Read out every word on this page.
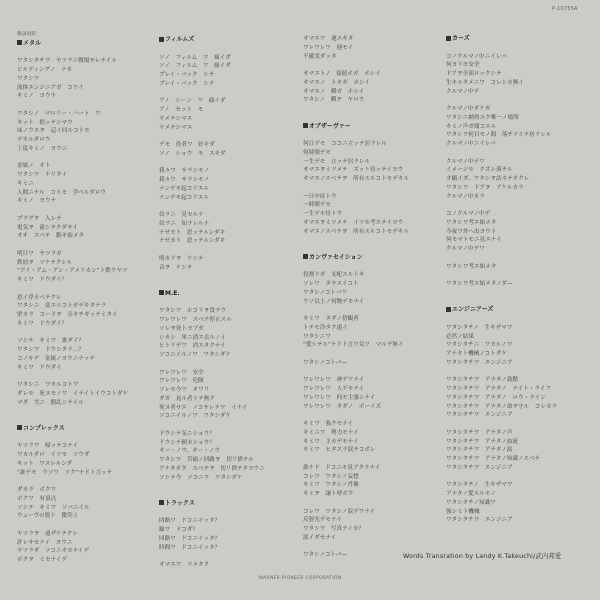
P-10755A
歌詞対訳
メタル
ワタシタチワ　ヤツラニ戦場サレテイル
ビルディングノ　ナカ
ワタシワ
流体エンジニアガ　コワイ
キミノ　ヨウナ
ワタシノ　マロリー・ハート　ワ
キット　損ッテシマウ
床ノウエヲ　這イ回ルコトモ
デキルダロウ
丁度キミノ　ヨウニ
金属ノ　オト
ワタシワ　ナリタイ
キミニ
人間ニナル　コトモ　学ベルダロウ
キミノ　ヨウナ
プラグヲ　入レテ
電気ヲ　流シテクダサイ
オオ　スベテ　動キ始メタ
明日ワ　ヤツラガ
鉄屑ヲ　ツケテクレル
“アイ・アム・アン・アメリカン”ト歌ウヤツ
キミワ　ドウダイ？
思イ浮カベテクレ
ワタシニ　変エルコトガデキタナラ
壁カラ　コードヲ　引キチギッテミタイ
キミワ　ドウダイ？
ソシテ　キミワ　誰ダイ？
ワタシワ　ドウシタラ…？
コノキデ　金属ノヨウニナッテ
キミワ　ドウダイ
ワタシニ　ワカルコトワ
ダレモ　死ヌモノワ　イナイトイウコトダケ
マダ　雪ニ　錯乱シテイル
コンプレックス
ヤツラワ　帰ッテコナイ
ワカルダロ　イツモ　ソウダ
キット　ワスレルンダ
“誰デモ　ウソワ　ツク”ナドト言ッテ
ダカラ　ボクワ
ボクワ　有頂点
ソシテ　キミワ　ソバニイル
ウェーヴの髪ト　微笑ミ
ヤツラヲ　遠ザケテクレ
許レサセナイ　ヨウニ
ヤツラダ　ソコニオカナイデ
ボクヲ　ミセナイデ
フィルムズ
ソノ　フィルム　ワ　痛イダ
ソノ　フィルム　ワ　痛イダ
プレイ・バック　シテ
プレイ・バック　シテ
アノ　シーン　ワ　痛イダ
アノ　セット　モ
ヤメテシマエ
ヤメテシマエ
デモ　役者ワ　好キダ
ソノ　ショウ　モ　スキダ
我々ワ　サラシモノ
我々ワ　サラシモノ
ナンデモ起コリエル
ナンデモ起コリエル
奴ラニ　見セルナ
奴ラニ　知ラレルナ
ナゼカト　思ッテルンダキ
ナゼカト　思ッテルンダキ
明カリヲ　ケシテ
音ヲ　ケシテ
M.E.
ワタシワ　ホコリヲ食ラウ
ワレワレワ　スベテ停止スル
ソレヲ死トヨブガ
シカシ　単ニ消エ去ルノミ
ヒトリデワ　消エタクナイ
ソコニイルノワ　ワタシダケ
ワレワレワ　安全
ワレワレワ　危険
ソレモ今ワ　オワリ
ダガ　見ル者トテ無ク
死ヌ者サエ　ノコサレテワ　イナイ
ソコニイルノワ　ワタシダケ
ドウシテ気ニショウ？
ドウシテ頼カショウ？
オー・ノウ、オー・ノウ
ワタシワ　苦痛ノ回路ヲ　切リ捨テル
アナタガタ　スベテヲ　切リ捨テタヨウニ
ソシテ今　ソコニワ　ワタシダケ
トラックス
回路ワ　ドコニイッタ？
線ワ　ドコダ？
回路ワ　ドコニイッタ？
時間ワ　ドコニイッタ？
オマエワ　ツメタク
オマエワ　速スギタ
ワレワレワ　遅モイ
不確実ダッタ
オマエトノ　接続ホガ　ホシイ
オマエノ　トキガ　ホシイ
オマエノ　瞬ガ　ホシイ
ワタシノ　瞬ヲ　ヤロウ
オブザーヴァー
何日デモ　ココニ立ッテ居ラレル
何時間デモ
一生デモ　立ッテ居ラレル
オマエヲミツメテ　ズット待ッテイヨウ
オマエノスベテヲ　所有スルコトモデキル
一日中待トウ
一時間デモ
一生デモ待トウ
オマエヲミツメテ　イツモ考エテイヨウ
オマエノスベテヲ　所有スルコトモデキル
カンヴァセイション
役割リガ　支配スルトキ
ソレワ　タヤスイコト
ワタシノコトバワ
ウソ以上ノ何物デモナイ
キミワ　タダノ傍観者
トテモ冷タク遠イ
ワタシニワ
“愛シテル”ナドト言ウ気ワ　マルデ無イ
ワタシノコトバ—
ワレワレワ　神デワナイ
ワレワレワ　人デモナイ
ワレワレワ　何モ主張シナイ
ワレワレワ　タダノ　ボーイズ
キミワ　強クモナイ
キミニワ　勢力モナイ
キミワ　主カデモナイ
キミワ　ヒタスラ涙チコボレ
誰ナド　ドコニモ見アタラナイ
コレワ　ワタシノ妄想
キミワ　ワタシノ肖像
キミヲ　譲ト呼ボウ
コレワ　ワタシノ涙デワナイ
反射光デモナイ
ワタシワ　写真ナノカ？
涙イダセナイ
ワタシノコトバ—
カーズ
コノクルマノ中ニイレバ
何ヨリモ安全
ドアヲ全部ロックシテ
生キルタメニワ　コレシカ無イ
クルマノ中デ
クルマノ中ダケガ
ワタシニ納得ユク唯一ノ場所
キミノ声ガ聞コエル
ワタシワ何日モノ間　落チツイテ居ラレル
クルマノ中ニイレバ
クルマノ中デワ
イメージモ　クズレ落チル
オ願イダ、ワタシヲ訪ネテオクレ
ワタシワ　ドアヲ　アケルカラ
クルマノ中カラ
コノクルマノ中デ
ワタシワ考エ始メタ
今夜ワ外ヘ出ヨウト
何モマトモニ見エナイ
クルマノ中デワ
ワタシワ考エ始メタ
ワタシワ考エ始メタノダ—
エンジニアーズ
ワタシタチノ　生キザマワ
必然ノ結果
ワタシタチニ　ワカルノワ
アナタト機械ノコトダケ
ワタシタチワ　エンジニア
ワタシタチワ　アナタノ鼓動
ワタシタチワ　アナタノ　ナイト・ライフ
ワタシタチワ　アナタノ　ロウ・ライン
ワタシタチワ　アナタノ命ヲ守ル　コレカラ
ワタシタチワ　エンジニア
ワタシタチワ　アナタノ声
ワタシタチワ　アナタノ血流
ワタシタチワ　アナタノ涙
ワタシタチワ　アナタノ知識ノスベテ
ワタシタチワ　エンジニア
ワタシタチノ　生キザマワ
アナタノ愛スルモノ
ワタシタチノ知識ワ
強シミト機械
ワタシタチワ　エンジニア
Words Transration by Landy K.Takeuchi/武内邦愛
WARNER-PIONEER CORPORATION
